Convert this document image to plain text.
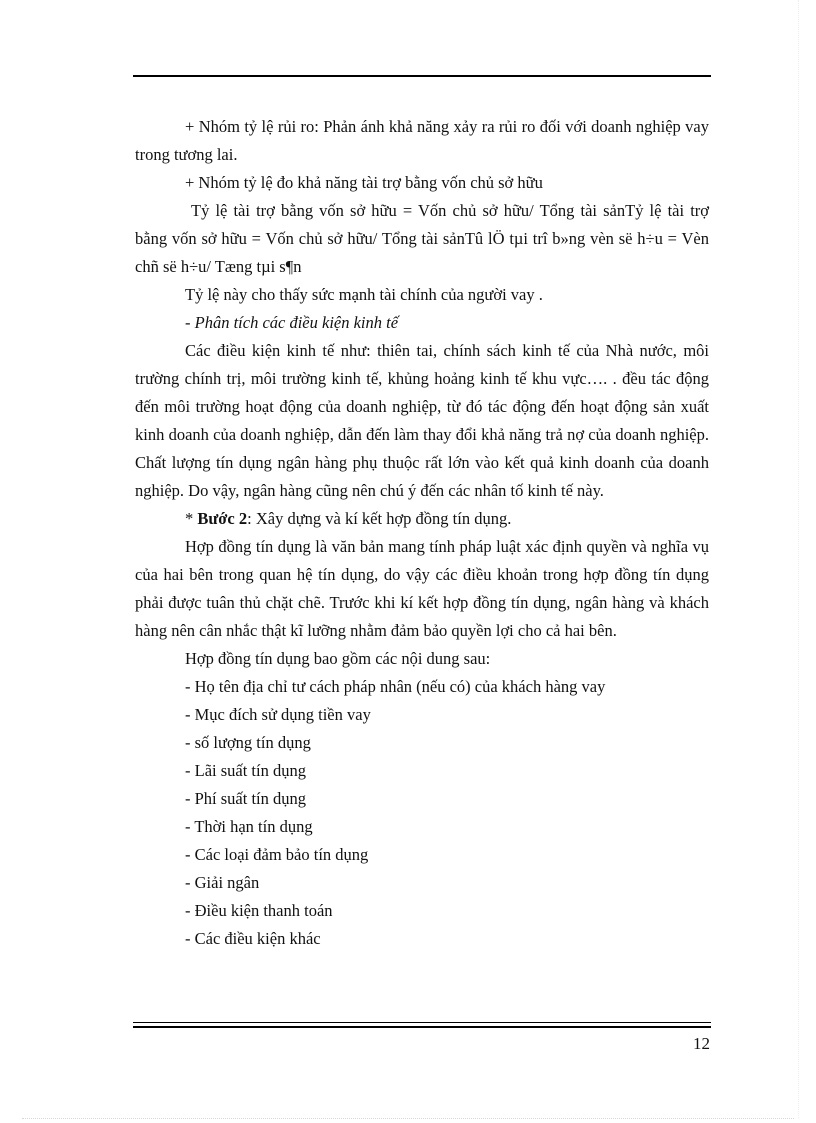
+ Nhóm tỷ lệ rủi ro: Phản ánh khả năng xảy ra rủi ro đối với doanh nghiệp vay trong tương lai.

+ Nhóm tỷ lệ đo khả năng tài trợ bằng vốn chủ sở hữu

Tỷ lệ tài trợ bằng vốn sở hữu = Vốn chủ sở hữu/ Tổng tài sảnTỷ lệ tài trợ bằng vốn sở hữu = Vốn chủ sở hữu/ Tổng tài sảnTû lÖ tµi trî b»ng vèn së h÷u = Vèn chñ së h÷u/ Tæng tµi s¶n

Tỷ lệ này cho thấy sức mạnh tài chính của người vay .

- Phân tích các điều kiện kinh tế

Các điều kiện kinh tế như: thiên tai, chính sách kinh tế của Nhà nước, môi trường chính trị, môi trường kinh tế, khủng hoảng kinh tế khu vực…. . đều tác động đến môi trường hoạt động của doanh nghiệp, từ đó tác động đến hoạt động sản xuất kinh doanh của doanh nghiệp, dẫn đến làm thay đổi khả năng trả nợ của doanh nghiệp. Chất lượng tín dụng ngân hàng phụ thuộc rất lớn vào kết quả kinh doanh của doanh nghiệp. Do vậy, ngân hàng cũng nên chú ý đến các nhân tố kinh tế này.

* Bước 2: Xây dựng và kí kết hợp đồng tín dụng.

Hợp đồng tín dụng là văn bản mang tính pháp luật xác định quyền và nghĩa vụ của hai bên trong quan hệ tín dụng, do vậy các điều khoản trong hợp đồng tín dụng phải được tuân thủ chặt chẽ. Trước khi kí kết hợp đồng tín dụng, ngân hàng và khách hàng nên cân nhắc thật kĩ lưỡng nhằm đảm bảo quyền lợi cho cả hai bên.

Hợp đồng tín dụng bao gồm các nội dung sau:

- Họ tên địa chỉ tư cách pháp nhân (nếu có) của khách hàng vay

- Mục đích sử dụng tiền vay

- số lượng tín dụng

- Lãi suất tín dụng

- Phí suất tín dụng

- Thời hạn tín dụng

- Các loại đảm bảo tín dụng

- Giải ngân

- Điều kiện thanh toán

- Các điều kiện khác

12
